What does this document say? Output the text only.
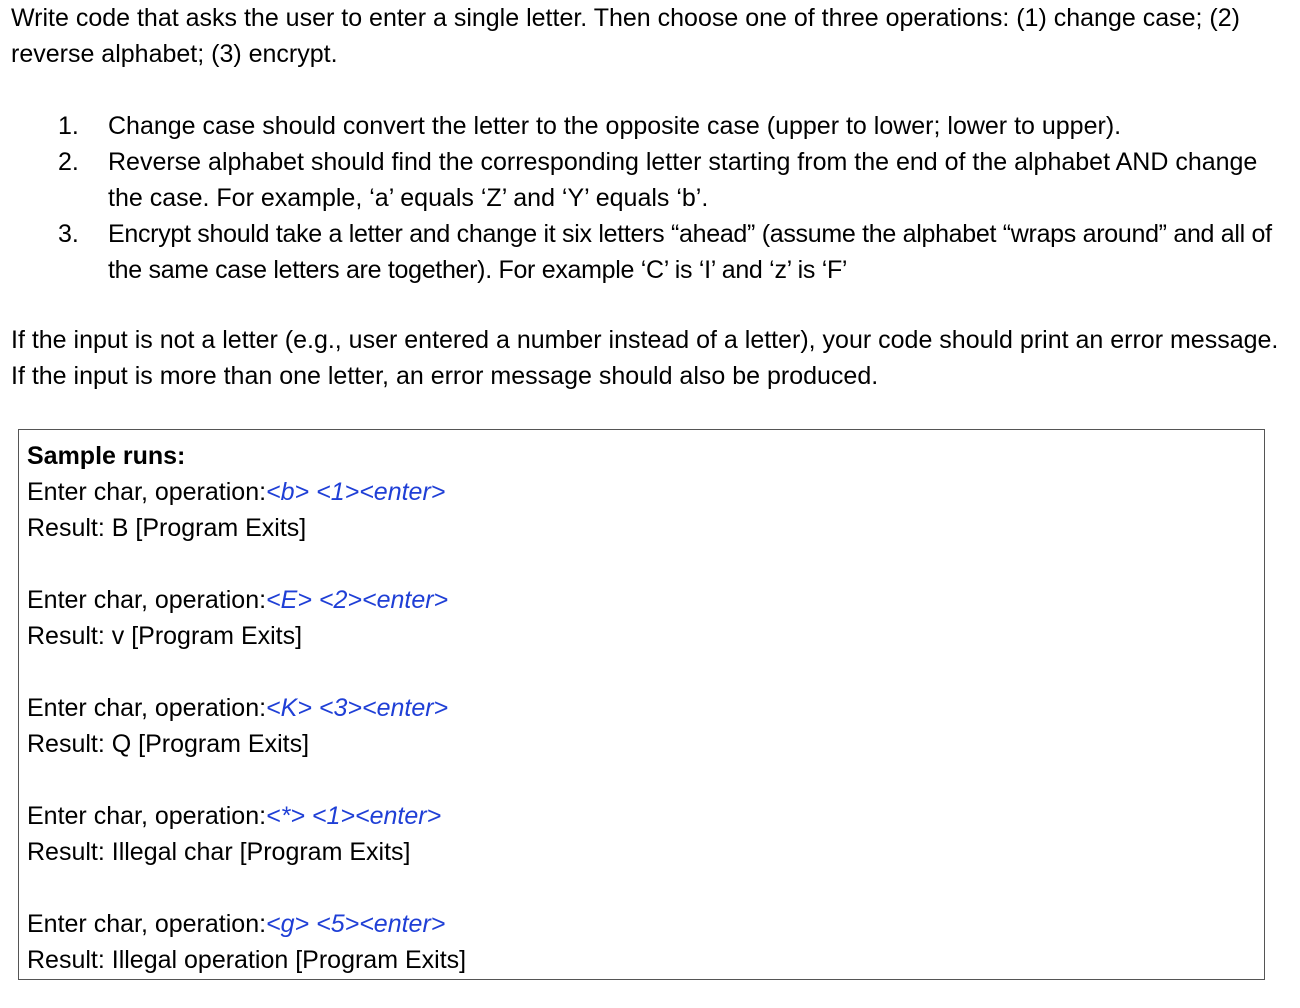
Write code that asks the user to enter a single letter. Then choose one of three operations: (1) change case; (2) reverse alphabet; (3) encrypt.

1. Change case should convert the letter to the opposite case (upper to lower; lower to upper).
2. Reverse alphabet should find the corresponding letter starting from the end of the alphabet AND change the case. For example, ‘a’ equals ‘Z’ and ‘Y’ equals ‘b’.
3. Encrypt should take a letter and change it six letters “ahead” (assume the alphabet “wraps around” and all of the same case letters are together). For example ‘C’ is ‘I’ and ‘z’ is ‘F’

If the input is not a letter (e.g., user entered a number instead of a letter), your code should print an error message. If the input is more than one letter, an error message should also be produced.

Sample runs:
Enter char, operation:<b> <1><enter>
Result: B [Program Exits]
Enter char, operation:<E> <2><enter>
Result: v [Program Exits]
Enter char, operation:<K> <3><enter>
Result: Q [Program Exits]
Enter char, operation:<*> <1><enter>
Result: Illegal char [Program Exits]
Enter char, operation:<g> <5><enter>
Result: Illegal operation [Program Exits]
